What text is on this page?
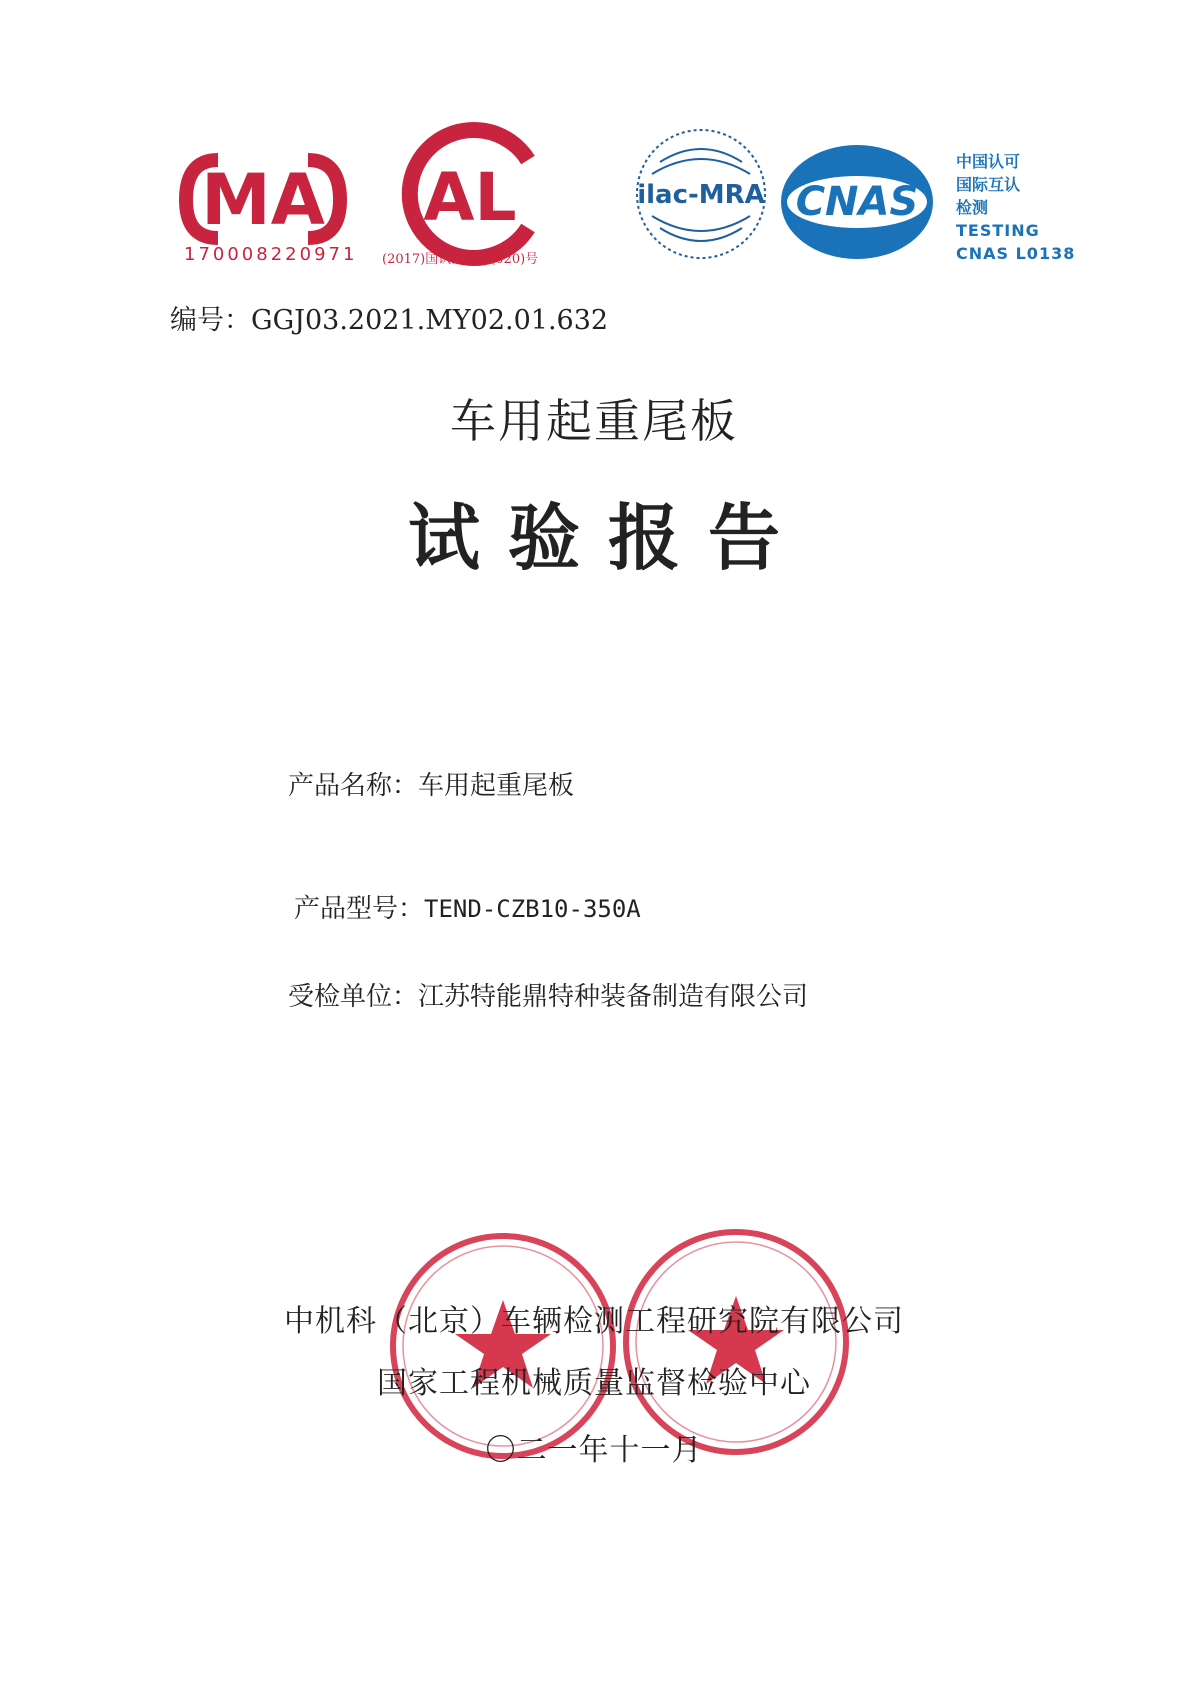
MA
170008220971
AL
(2017)国认监认字(020)号
ilac-MRA CNAS
中国认可
国际互认
检测
TESTING
CNAS L0138
编号：GGJ03.2021.MY02.01.632
车用起重尾板
试验报告
产品名称：车用起重尾板
产品型号：TEND-CZB10-350A
受检单位：江苏特能鼎特种装备制造有限公司
中机科（北京）车辆检测工程研究院有限公司
国家工程机械质量监督检验中心
〇二一年十一月
